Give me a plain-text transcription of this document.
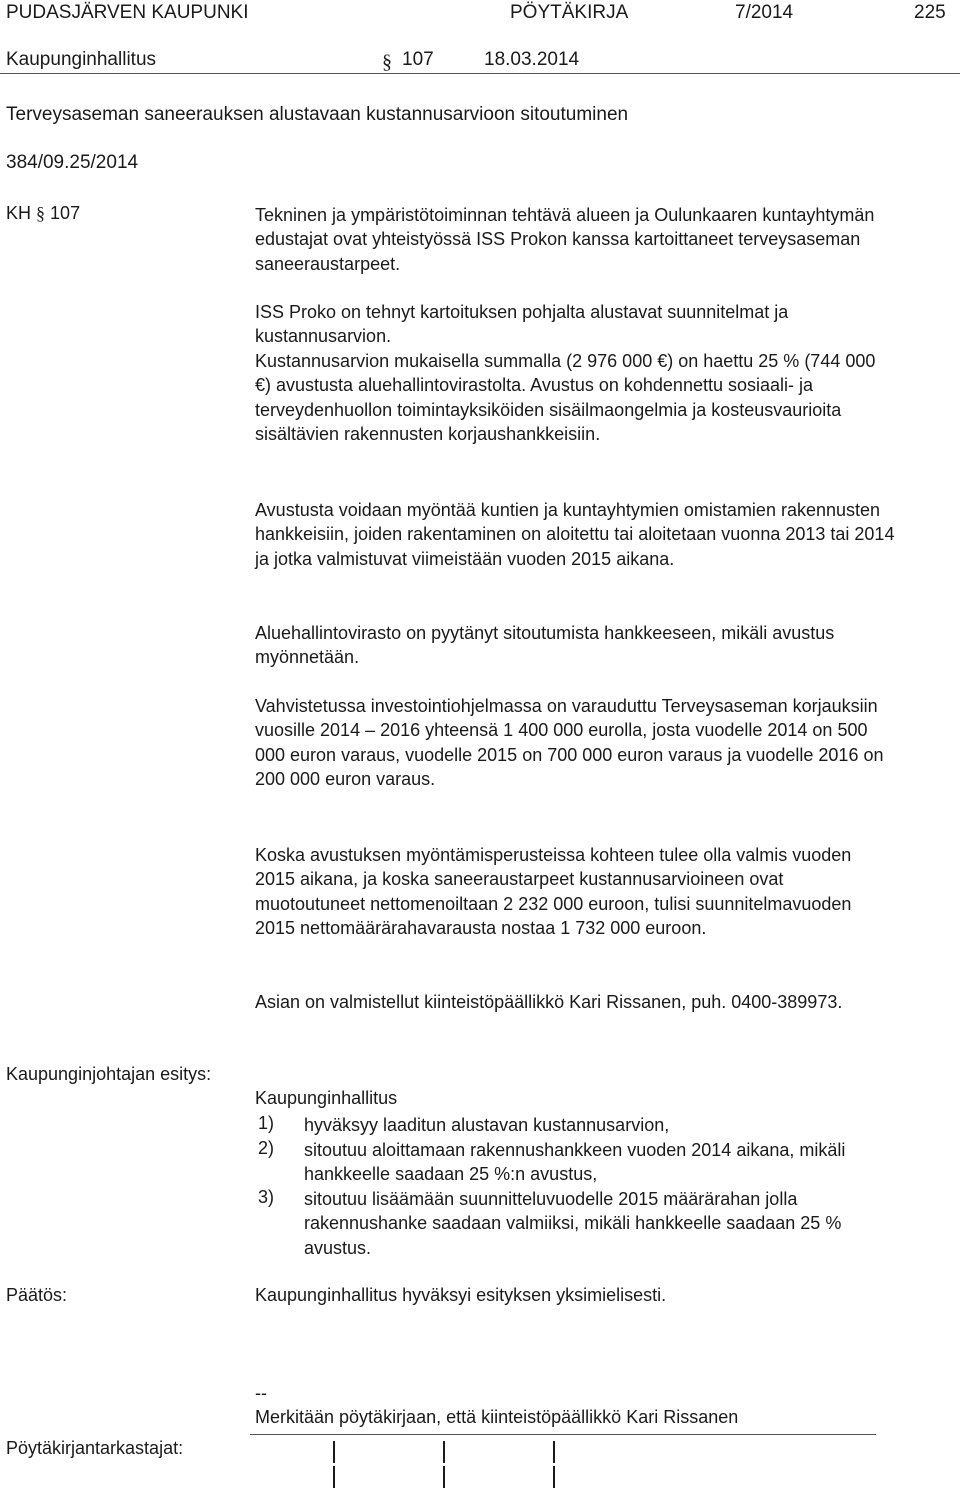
PUDASJÄRVEN KAUPUNKI	PÖYTÄKIRJA	7/2014	225
Kaupunginhallitus	107	18.03.2014
§
Terveysaseman saneerauksen alustavaan kustannusarvioon sitoutuminen
384/09.25/2014
KH § 107	Tekninen ja ympäristötoiminnan tehtävä alueen ja Oulunkaaren kuntayhtymän edustajat ovat yhteistyössä ISS Prokon kanssa kartoittaneet terveysaseman saneeraustarpeet.

ISS Proko on tehnyt kartoituksen pohjalta alustavat suunnitelmat ja kustannusarvion.

Kustannusarvion mukaisella summalla (2 976 000 €) on haettu 25 % (744 000 €) avustusta aluehallintovirastolta. Avustus on kohdennettu sosiaali- ja terveydenhuollon toimintayksiköiden sisäilmaongelmia ja kosteusvaurioita sisältävien rakennusten korjaushankkeisiin.

Avustusta voidaan myöntää kuntien ja kuntayhtymien omistamien rakennusten hankkeisiin, joiden rakentaminen on aloitettu tai aloitetaan vuonna 2013 tai 2014 ja jotka valmistuvat viimeistään vuoden 2015 aikana.

Aluehallintovirasto on pyytänyt sitoutumista hankkeeseen, mikäli avustus myönnetään.

Vahvistetussa investointiohjelmassa on varauduttu Terveysaseman korjauksiin vuosille 2014 – 2016 yhteensä 1 400 000 eurolla, josta vuodelle 2014 on 500 000 euron varaus, vuodelle 2015 on 700 000 euron varaus ja vuodelle 2016 on 200 000 euron varaus.

Koska avustuksen myöntämisperusteissa kohteen tulee olla valmis vuoden 2015 aikana, ja koska saneeraustarpeet kustannusarvioineen ovat muotoutuneet nettomenoiltaan 2 232 000 euroon, tulisi suunnitelmavuoden 2015 nettomäärärahavarausta nostaa 1 732 000 euroon.

Asian on valmistellut kiinteistöpäällikkö Kari Rissanen, puh. 0400-389973.

Kaupunginjohtajan esitys:
Kaupunginhallitus
1) hyväksyy laaditun alustavan kustannusarvion,
2) sitoutuu aloittamaan rakennushankkeen vuoden 2014 aikana, mikäli hankkeelle saadaan 25 %:n avustus,
3) sitoutuu lisäämään suunnitteluvuodelle 2015 määrärahan jolla rakennushanke saadaan valmiiksi, mikäli hankkeelle saadaan 25 % avustus.
Päätös:	Kaupunginhallitus hyväksyi esityksen yksimielisesti.
--
Merkitään pöytäkirjaan, että kiinteistöpäällikkö Kari Rissanen
Pöytäkirjantarkastajat:
